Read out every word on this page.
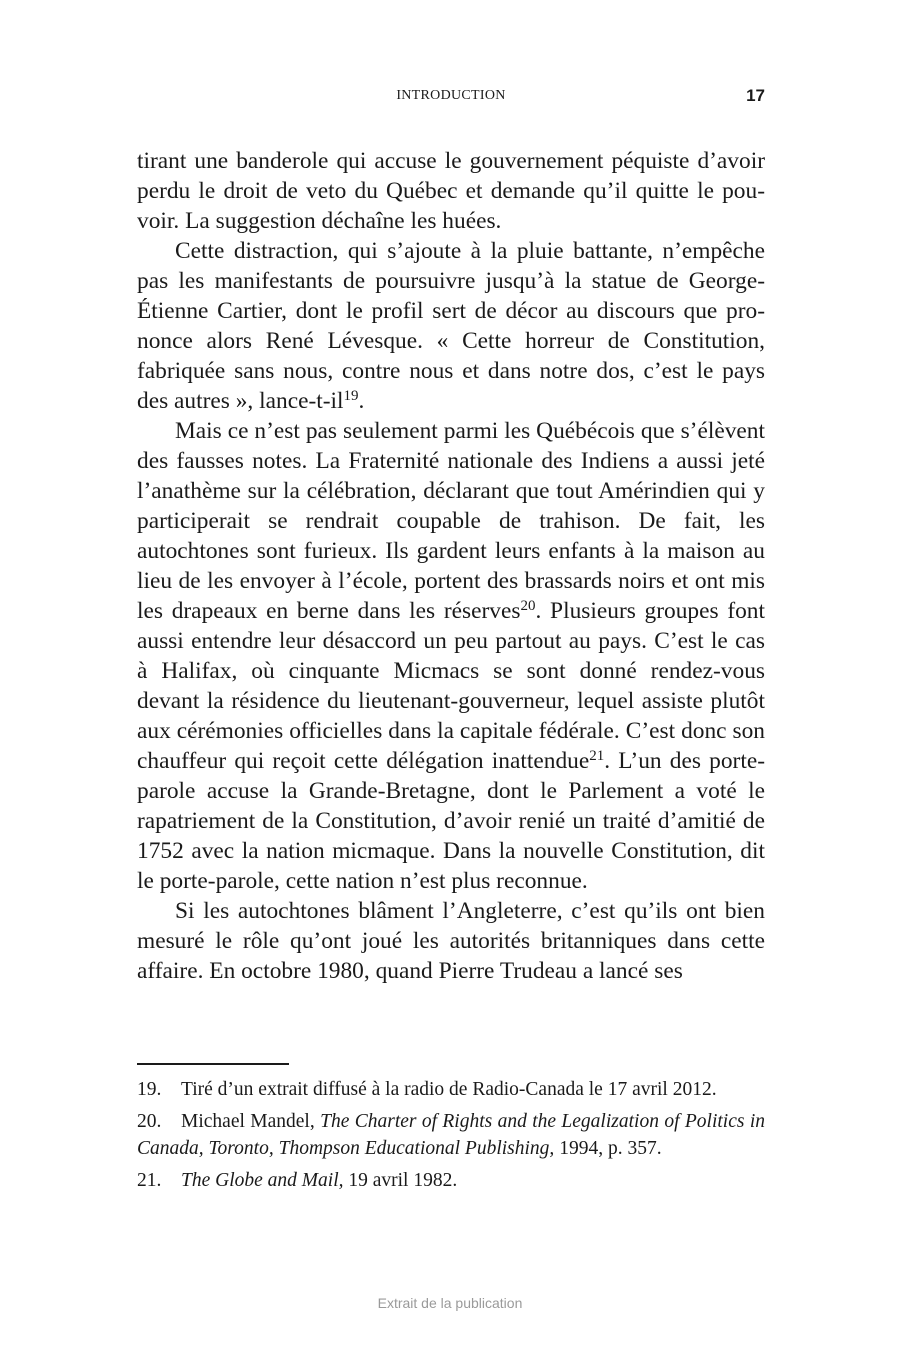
INTRODUCTION	17

tirant une banderole qui accuse le gouvernement péquiste d’avoir perdu le droit de veto du Québec et demande qu’il quitte le pouvoir. La suggestion déchaîne les huées.

Cette distraction, qui s’ajoute à la pluie battante, n’empêche pas les manifestants de poursuivre jusqu’à la statue de George-Étienne Cartier, dont le profil sert de décor au discours que prononce alors René Lévesque. « Cette horreur de Constitution, fabriquée sans nous, contre nous et dans notre dos, c’est le pays des autres », lance-$t-il^{19}$.

Mais ce n’est pas seulement parmi les Québécois que s’élèvent des fausses notes. La Fraternité nationale des Indiens a aussi jeté l’anathème sur la célébration, déclarant que tout Amérindien qui y participerait se rendrait coupable de trahison. De fait, les autochtones sont furieux. Ils gardent leurs enfants à la maison au lieu de les envoyer à l’école, portent des brassards noirs et ont mis les drapeaux en berne dans les réserves$^{20}$. Plusieurs groupes font aussi entendre leur désaccord un peu partout au pays. C’est le cas à Halifax, où cinquante Micmacs se sont donné rendez-vous devant la résidence du lieutenant-gouverneur, lequel assiste plutôt aux cérémonies officielles dans la capitale fédérale. C’est donc son chauffeur qui reçoit cette délégation inattendue$^{21}$. L’un des porte-parole accuse la Grande-Bretagne, dont le Parlement a voté le rapatriement de la Constitution, d’avoir renié un traité d’amitié de 1752 avec la nation micmaque. Dans la nouvelle Constitution, dit le porte-parole, cette nation n’est plus reconnue.

Si les autochtones blâment l’Angleterre, c’est qu’ils ont bien mesuré le rôle qu’ont joué les autorités britanniques dans cette affaire. En octobre 1980, quand Pierre Trudeau a lancé ses

19. Tiré d’un extrait diffusé à la radio de Radio-Canada le 17 avril 2012.

20. Michael Mandel, The Charter of Rights and the Legalization of Politics in Canada, Toronto, Thompson Educational Publishing, 1994, p. 357.

21. The Globe and Mail, 19 avril 1982.

Extrait de la publication
